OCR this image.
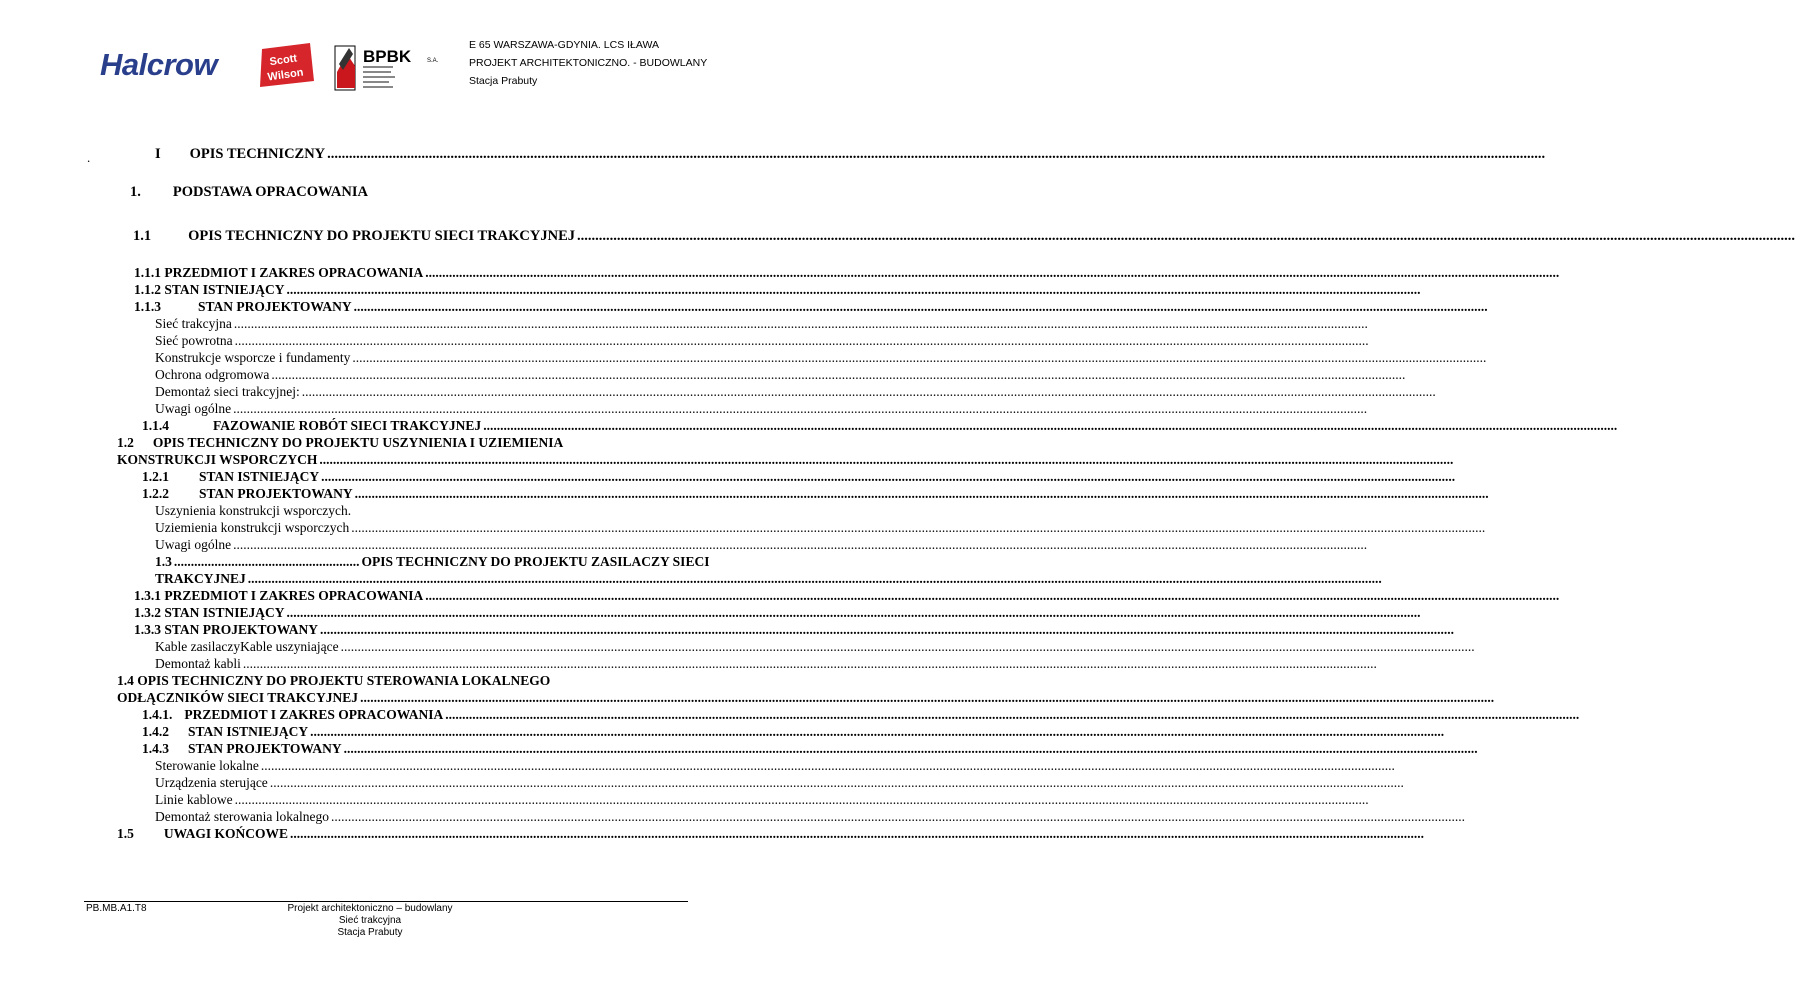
Halcrow	Scott
Wilson
BPBK	S.A.
E 65 WARSZAWA-GDYNIA. LCS IŁAWA
PROJEKT ARCHITEKTONICZNO. - BUDOWLANY
Stacja Prabuty
.	I OPIS TECHNICZNY
.....
1. PODSTAWA OPRACOWANIA
1.1	OPIS TECHNICZNY DO PROJEKTU SIECI TRAKCYJNEJ
.....
1.1.1 PRZEDMIOT I ZAKRES OPRACOWANIA
.....
1.1.2 STAN ISTNIEJĄCY
.....
1.1.3	STAN PROJEKTOWANY
.....
Sieć trakcyjna
.....
Sieć powrotna
.....
Konstrukcje wsporcze i fundamenty
.....
Ochrona odgromowa
.....
Demontaż sieci trakcyjnej:
.....
Uwagi ogólne
.....
1.1.4	FAZOWANIE ROBÓT SIECI TRAKCYJNEJ
.....
1.2 OPIS TECHNICZNY DO PROJEKTU USZYNIENIA I UZIEMIENIA
KONSTRUKCJI WSPORCZYCH
.....
1.2.1 STAN ISTNIEJĄCY
.....
1.2.2 STAN PROJEKTOWANY
.....
Uszynienia konstrukcji wsporczych.
Uziemienia konstrukcji wsporczych
.....
Uwagi ogólne
.....
1.3 ....................................................... OPIS TECHNICZNY DO PROJEKTU ZASILACZY SIECI
TRAKCYJNEJ
.....
1.3.1 PRZEDMIOT I ZAKRES OPRACOWANIA
.....
1.3.2 STAN ISTNIEJĄCY
.....
1.3.3 STAN PROJEKTOWANY
.....
Kable zasilaczyKable uszyniające
.....
Demontaż kabli
.....
1.4 OPIS TECHNICZNY DO PROJEKTU STEROWANIA LOKALNEGO
ODŁĄCZNIKÓW SIECI TRAKCYJNEJ
.....
1.4.1. PRZEDMIOT I ZAKRES OPRACOWANIA
.....
1.4.2 STAN ISTNIEJĄCY
.....
1.4.3 STAN PROJEKTOWANY
.....
Sterowanie lokalne
.....
Urządzenia sterujące
.....
Linie kablowe
.....
Demontaż sterowania lokalnego
.....
1.5 UWAGI KOŃCOWE
.....
PB.MB.A1.T8	Projekt architektoniczno – budowlany
Sieć trakcyjna
Stacja Prabuty
